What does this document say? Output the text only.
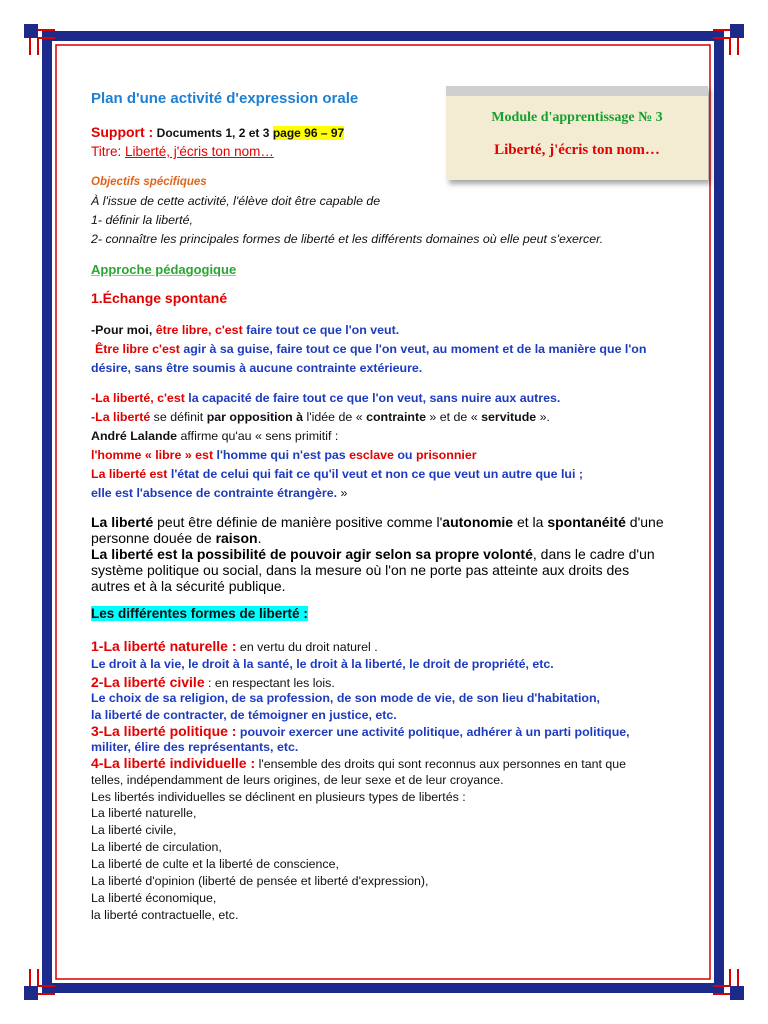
Plan d'une activité d'expression orale
Support : Documents 1, 2 et 3 page 96 – 97
Titre: Liberté, j'écris ton nom…
Objectifs spécifiques
À l'issue de cette activité, l'élève doit être capable de
1- définir la liberté,
2- connaître les principales formes de liberté et les différents domaines où elle peut s'exercer.
Approche pédagogique
1.Échange spontané
-Pour moi, être libre, c'est faire tout ce que l'on veut.
Être libre c'est agir à sa guise, faire tout ce que l'on veut, au moment et de la manière que l'on
désire, sans être soumis à aucune contrainte extérieure.
-La liberté, c'est la capacité de faire tout ce que l'on veut, sans nuire aux autres.
-La liberté se définit par opposition à l'idée de « contrainte » et de « servitude ».
André Lalande affirme qu'au « sens primitif :
l'homme « libre » est l'homme qui n'est pas esclave ou prisonnier
La liberté est l'état de celui qui fait ce qu'il veut et non ce que veut un autre que lui ;
elle est l'absence de contrainte étrangère. »
La liberté peut être définie de manière positive comme l'autonomie et la spontanéité d'une
personne douée de raison.
La liberté est la possibilité de pouvoir agir selon sa propre volonté, dans le cadre d'un
système politique ou social, dans la mesure où l'on ne porte pas atteinte aux droits des
autres et à la sécurité publique.
Les différentes formes de liberté :
1-La liberté naturelle : en vertu du droit naturel .
Le droit à la vie, le droit à la santé, le droit à la liberté, le droit de propriété, etc.
2-La liberté civile : en respectant les lois.
Le choix de sa religion, de sa profession, de son mode de vie, de son lieu d'habitation,
la liberté de contracter, de témoigner en justice, etc.
3-La liberté politique : pouvoir exercer une activité politique, adhérer à un parti politique,
militer, élire des représentants, etc.
4-La liberté individuelle : l'ensemble des droits qui sont reconnus aux personnes en tant que
telles, indépendamment de leurs origines, de leur sexe et de leur croyance.
Les libertés individuelles se déclinent en plusieurs types de libertés :
La liberté naturelle,
La liberté civile,
La liberté de circulation,
La liberté de culte et la liberté de conscience,
La liberté d'opinion (liberté de pensée et liberté d'expression),
La liberté économique,
la liberté contractuelle, etc.
Module d'apprentissage № 3
Liberté, j'écris ton nom…
